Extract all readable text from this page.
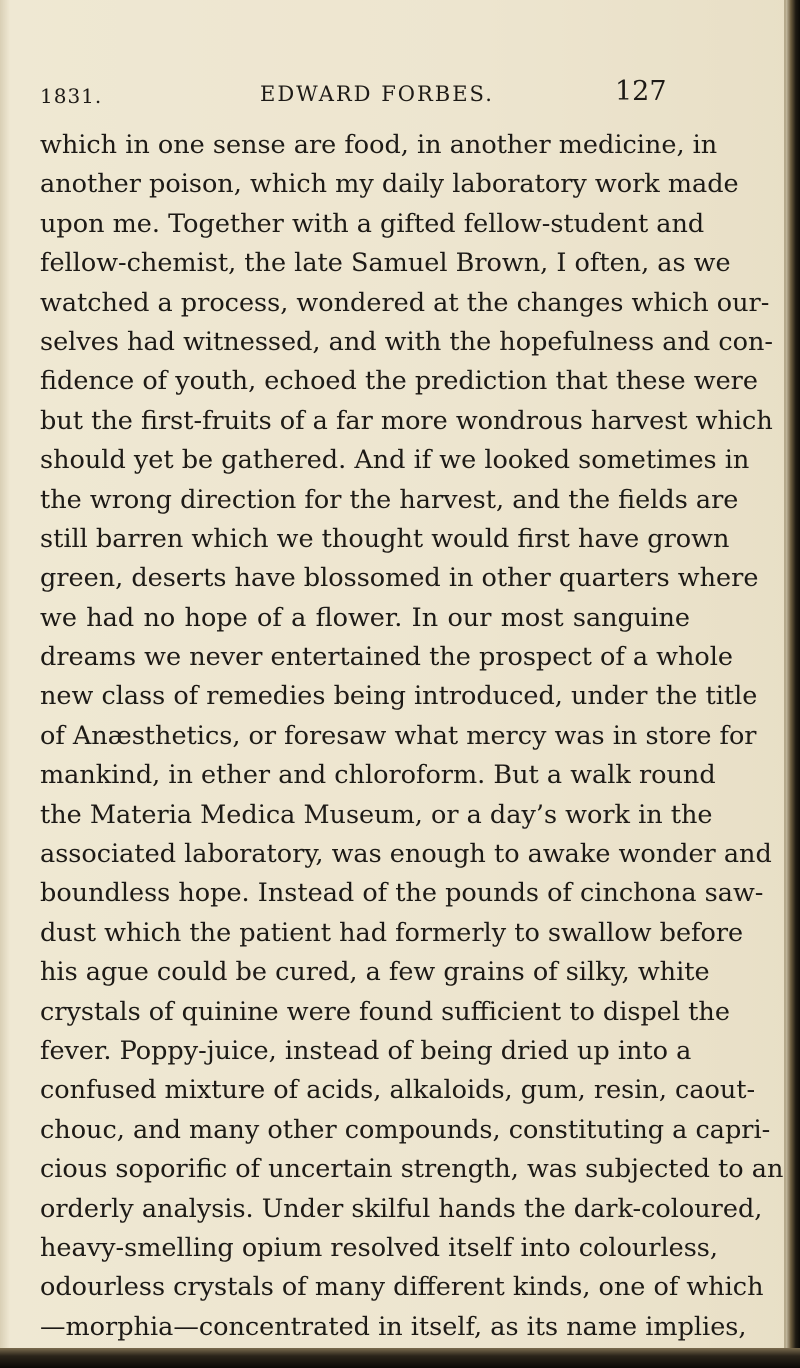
1831.	EDWARD FORBES.	127
which in one sense are food, in another medicine, in
another poison, which my daily laboratory work made
upon me. Together with a gifted fellow-student and
fellow-chemist, the late Samuel Brown, I often, as we
watched a process, wondered at the changes which our-
selves had witnessed, and with the hopefulness and con-
fidence of youth, echoed the prediction that these were
but the first-fruits of a far more wondrous harvest which
should yet be gathered. And if we looked sometimes in
the wrong direction for the harvest, and the fields are
still barren which we thought would first have grown
green, deserts have blossomed in other quarters where
we had no hope of a flower. In our most sanguine
dreams we never entertained the prospect of a whole
new class of remedies being introduced, under the title
of Anæsthetics, or foresaw what mercy was in store for
mankind, in ether and chloroform. But a walk round
the Materia Medica Museum, or a day’s work in the
associated laboratory, was enough to awake wonder and
boundless hope. Instead of the pounds of cinchona saw-
dust which the patient had formerly to swallow before
his ague could be cured, a few grains of silky, white
crystals of quinine were found sufficient to dispel the
fever. Poppy-juice, instead of being dried up into a
confused mixture of acids, alkaloids, gum, resin, caout-
chouc, and many other compounds, constituting a capri-
cious soporific of uncertain strength, was subjected to an
orderly analysis. Under skilful hands the dark-coloured,
heavy-smelling opium resolved itself into colourless,
odourless crystals of many different kinds, one of which
—morphia—concentrated in itself, as its name implies,
